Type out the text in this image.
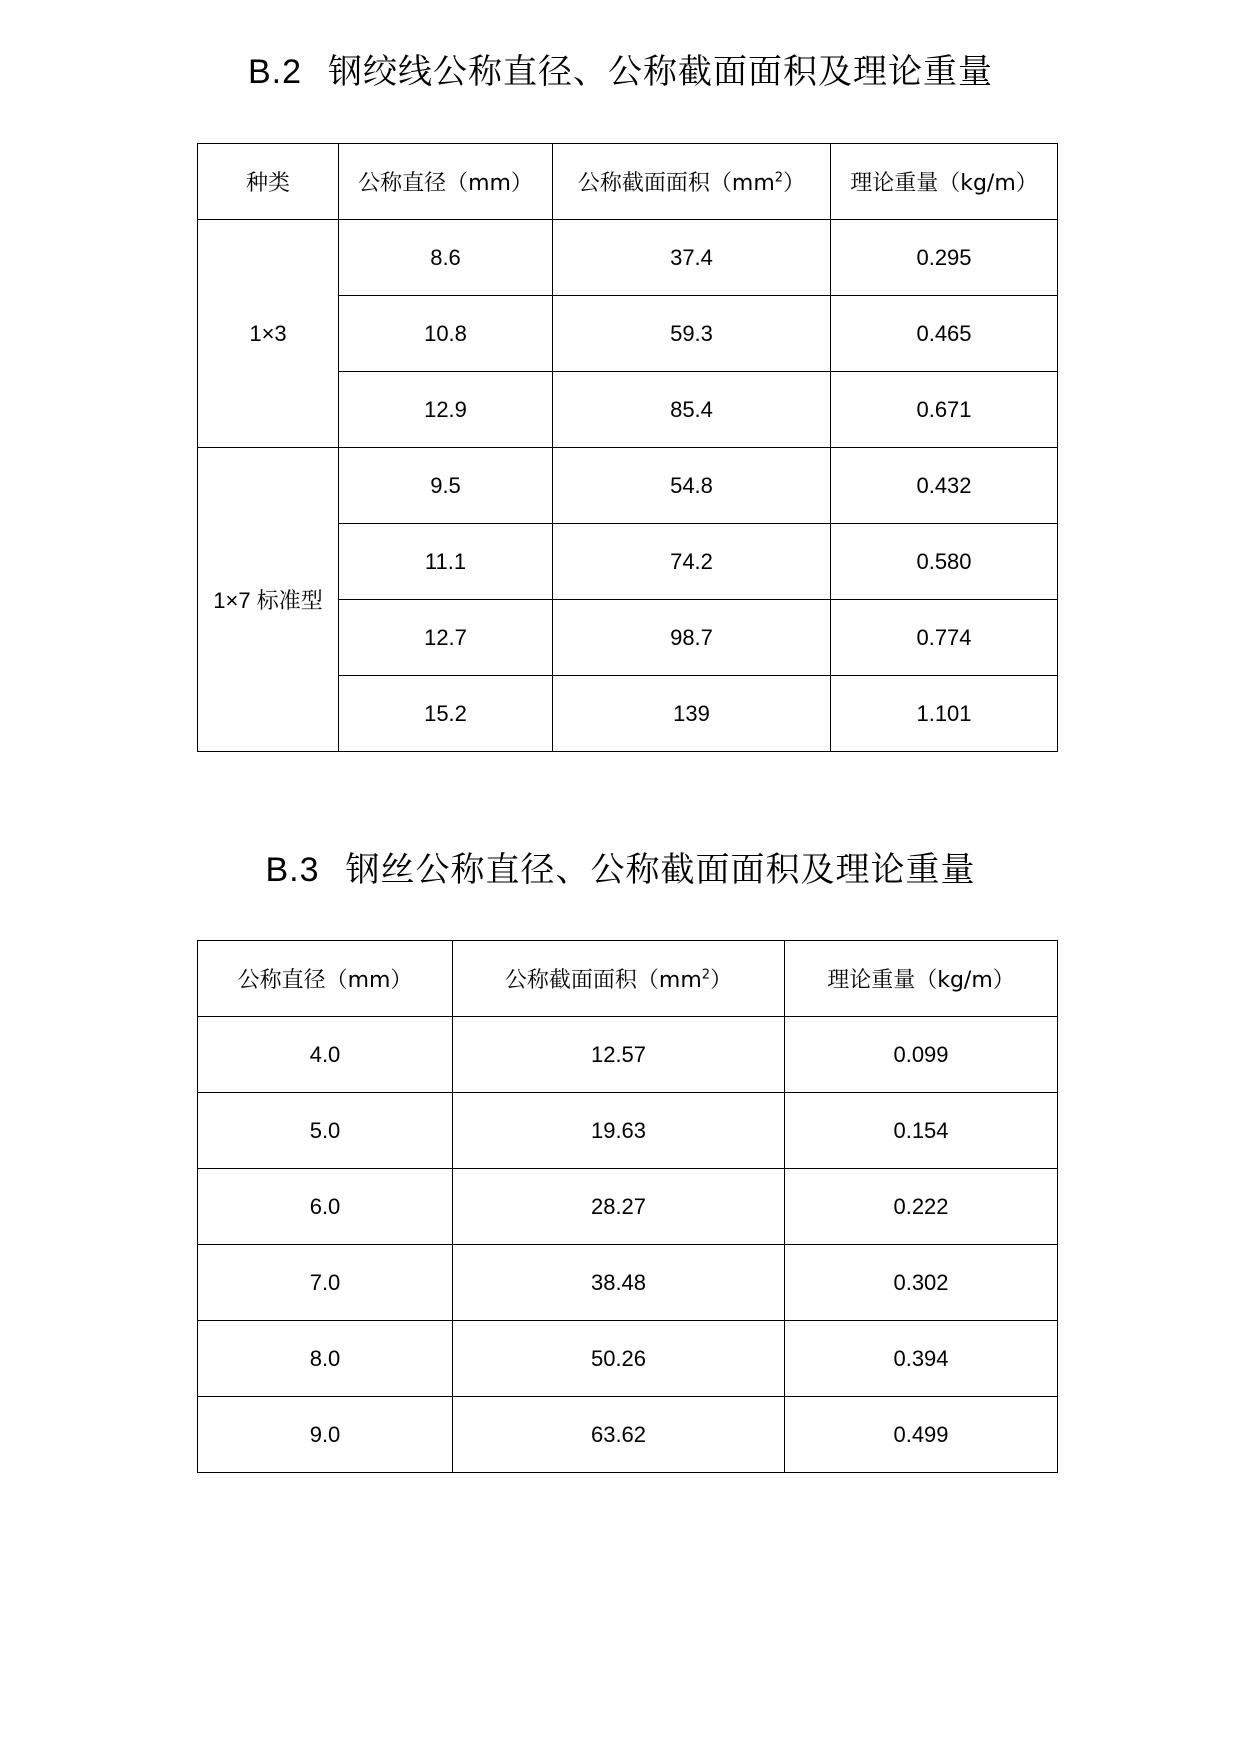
B.2 钢绞线公称直径、公称截面面积及理论重量
种类	公称直径（mm）	公称截面面积$(mm^2)$	理论重量（kg/m）
1×3	8.6	37.4	0.295
	10.8	59.3	0.465
	12.9	85.4	0.671
1×7 标准型	9.5	54.8	0.432
	11.1	74.2	0.580
	12.7	98.7	0.774
	15.2	139	1.101
B.3 钢丝公称直径、公称截面面积及理论重量
公称直径（mm）	公称截面面积$(mm^2)$	理论重量（kg/m）
4.0	12.57	0.099
5.0	19.63	0.154
6.0	28.27	0.222
7.0	38.48	0.302
8.0	50.26	0.394
9.0	63.62	0.499
